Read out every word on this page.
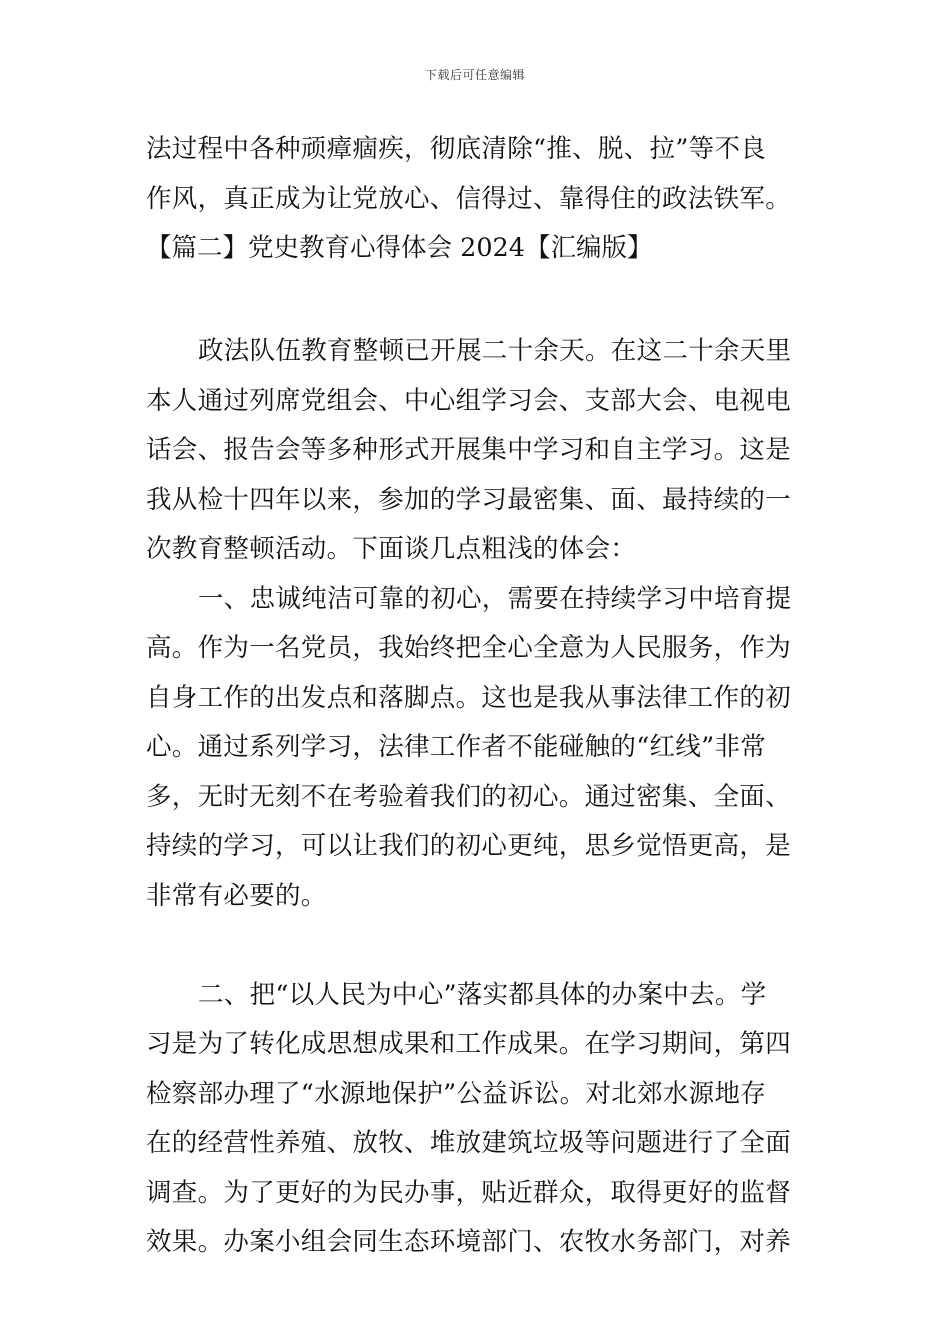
下载后可任意编辑
法过程中各种顽瘴痼疾，彻底清除“推、脱、拉”等不良
作风，真正成为让党放心、信得过、靠得住的政法铁军。
【篇二】党史教育心得体会 2024【汇编版】
政法队伍教育整顿已开展二十余天。在这二十余天里
本人通过列席党组会、中心组学习会、支部大会、电视电
话会、报告会等多种形式开展集中学习和自主学习。这是
我从检十四年以来，参加的学习最密集、面、最持续的一
次教育整顿活动。下面谈几点粗浅的体会：
一、忠诚纯洁可靠的初心，需要在持续学习中培育提
高。作为一名党员，我始终把全心全意为人民服务，作为
自身工作的出发点和落脚点。这也是我从事法律工作的初
心。通过系列学习，法律工作者不能碰触的“红线”非常
多，无时无刻不在考验着我们的初心。通过密集、全面、
持续的学习，可以让我们的初心更纯，思乡觉悟更高，是
非常有必要的。
二、把“以人民为中心”落实都具体的办案中去。学
习是为了转化成思想成果和工作成果。在学习期间，第四
检察部办理了“水源地保护”公益诉讼。对北郊水源地存
在的经营性养殖、放牧、堆放建筑垃圾等问题进行了全面
调查。为了更好的为民办事，贴近群众，取得更好的监督
效果。办案小组会同生态环境部门、农牧水务部门，对养
